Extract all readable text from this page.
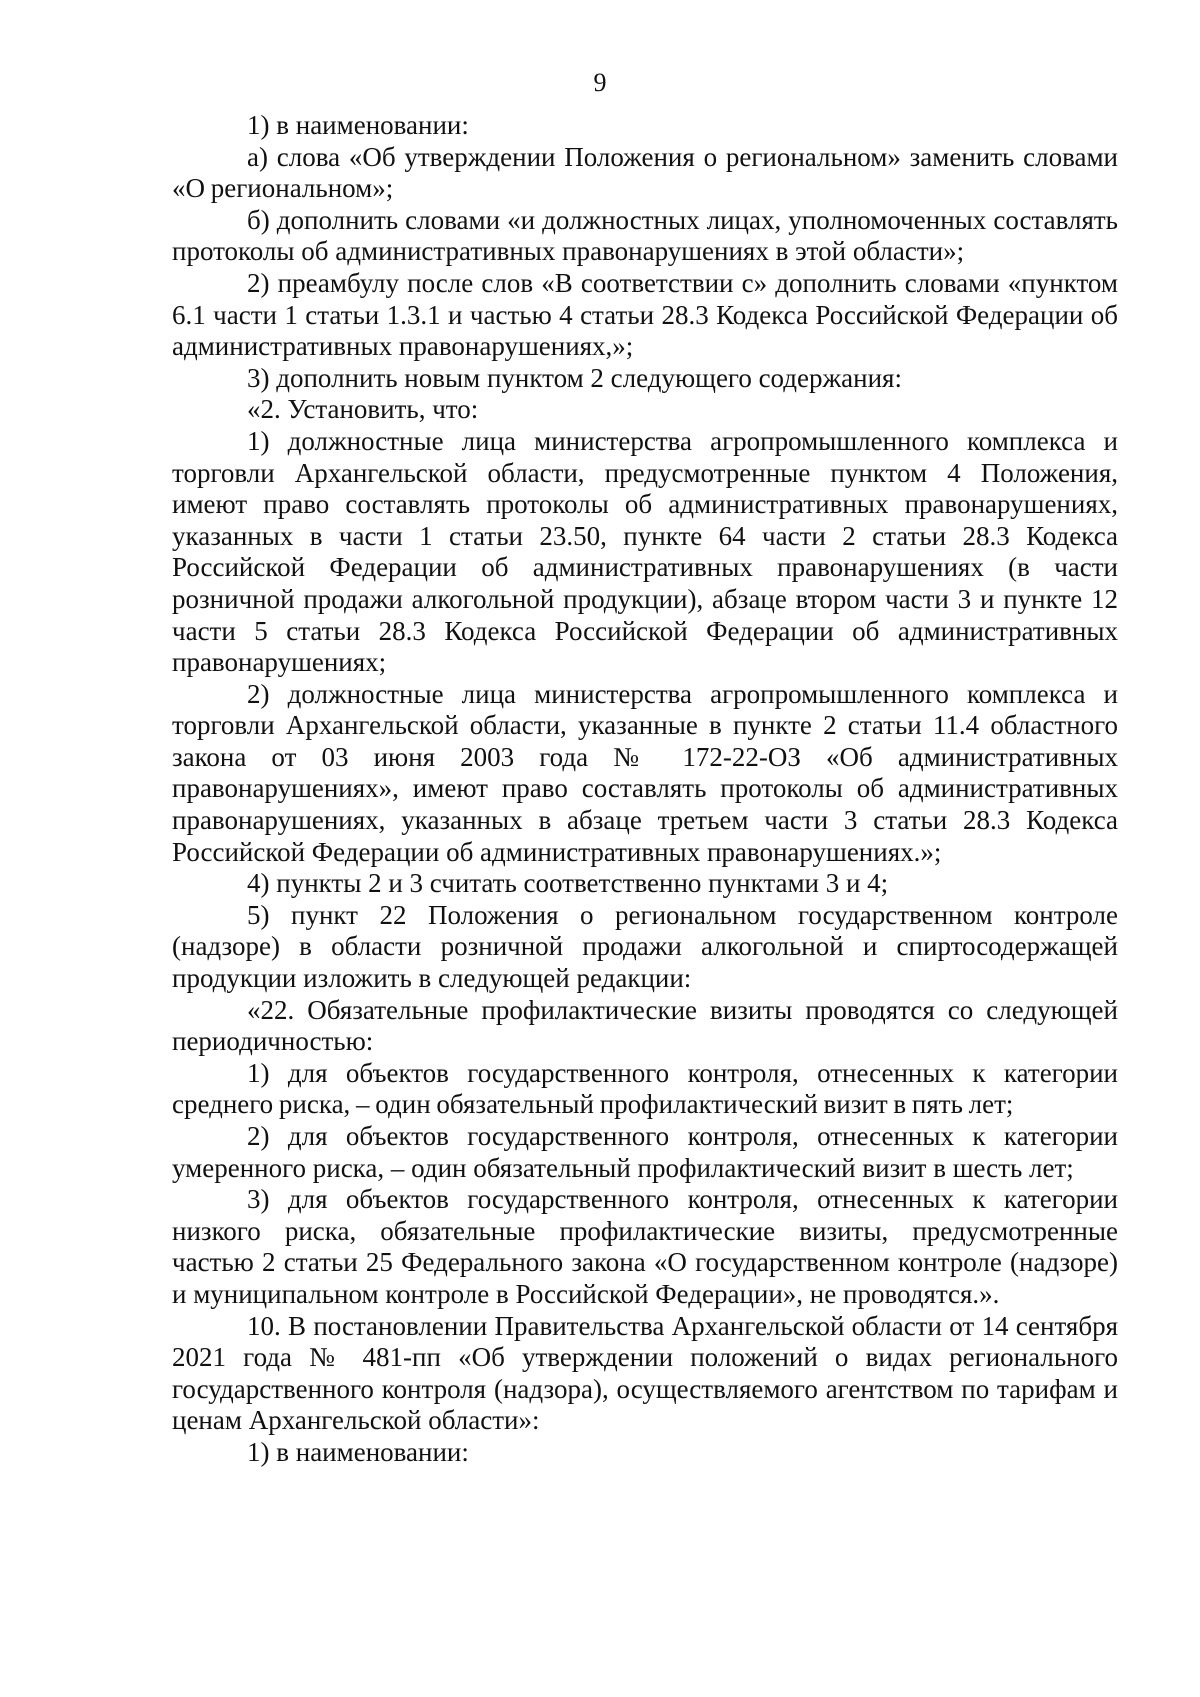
9

1) в наименовании:

а) слова «Об утверждении Положения о региональном» заменить словами «О региональном»;

б) дополнить словами «и должностных лицах, уполномоченных составлять протоколы об административных правонарушениях в этой области»;

2) преамбулу после слов «В соответствии с» дополнить словами «пунктом 6.1 части 1 статьи 1.3.1 и частью 4 статьи 28.3 Кодекса Российской Федерации об административных правонарушениях,»;

3) дополнить новым пунктом 2 следующего содержания:

«2. Установить, что:

1) должностные лица министерства агропромышленного комплекса и торговли Архангельской области, предусмотренные пунктом 4 Положения, имеют право составлять протоколы об административных правонарушениях, указанных в части 1 статьи 23.50, пункте 64 части 2 статьи 28.3 Кодекса Российской Федерации об административных правонарушениях (в части розничной продажи алкогольной продукции), абзаце втором части 3 и пункте 12 части 5 статьи 28.3 Кодекса Российской Федерации об административных правонарушениях;

2) должностные лица министерства агропромышленного комплекса и торговли Архангельской области, указанные в пункте 2 статьи 11.4 областного закона от 03 июня 2003 года № 172-22-ОЗ «Об административных правонарушениях», имеют право составлять протоколы об административных правонарушениях, указанных в абзаце третьем части 3 статьи 28.3 Кодекса Российской Федерации об административных правонарушениях.»;

4) пункты 2 и 3 считать соответственно пунктами 3 и 4;

5) пункт 22 Положения о региональном государственном контроле (надзоре) в области розничной продажи алкогольной и спиртосодержащей продукции изложить в следующей редакции:

«22. Обязательные профилактические визиты проводятся со следующей периодичностью:

1) для объектов государственного контроля, отнесенных к категории среднего риска, – один обязательный профилактический визит в пять лет;

2) для объектов государственного контроля, отнесенных к категории умеренного риска, – один обязательный профилактический визит в шесть лет;

3) для объектов государственного контроля, отнесенных к категории низкого риска, обязательные профилактические визиты, предусмотренные частью 2 статьи 25 Федерального закона «О государственном контроле (надзоре) и муниципальном контроле в Российской Федерации», не проводятся.».

10. В постановлении Правительства Архангельской области от 14 сентября 2021 года № 481-пп «Об утверждении положений о видах регионального государственного контроля (надзора), осуществляемого агентством по тарифам и ценам Архангельской области»:

1) в наименовании:
